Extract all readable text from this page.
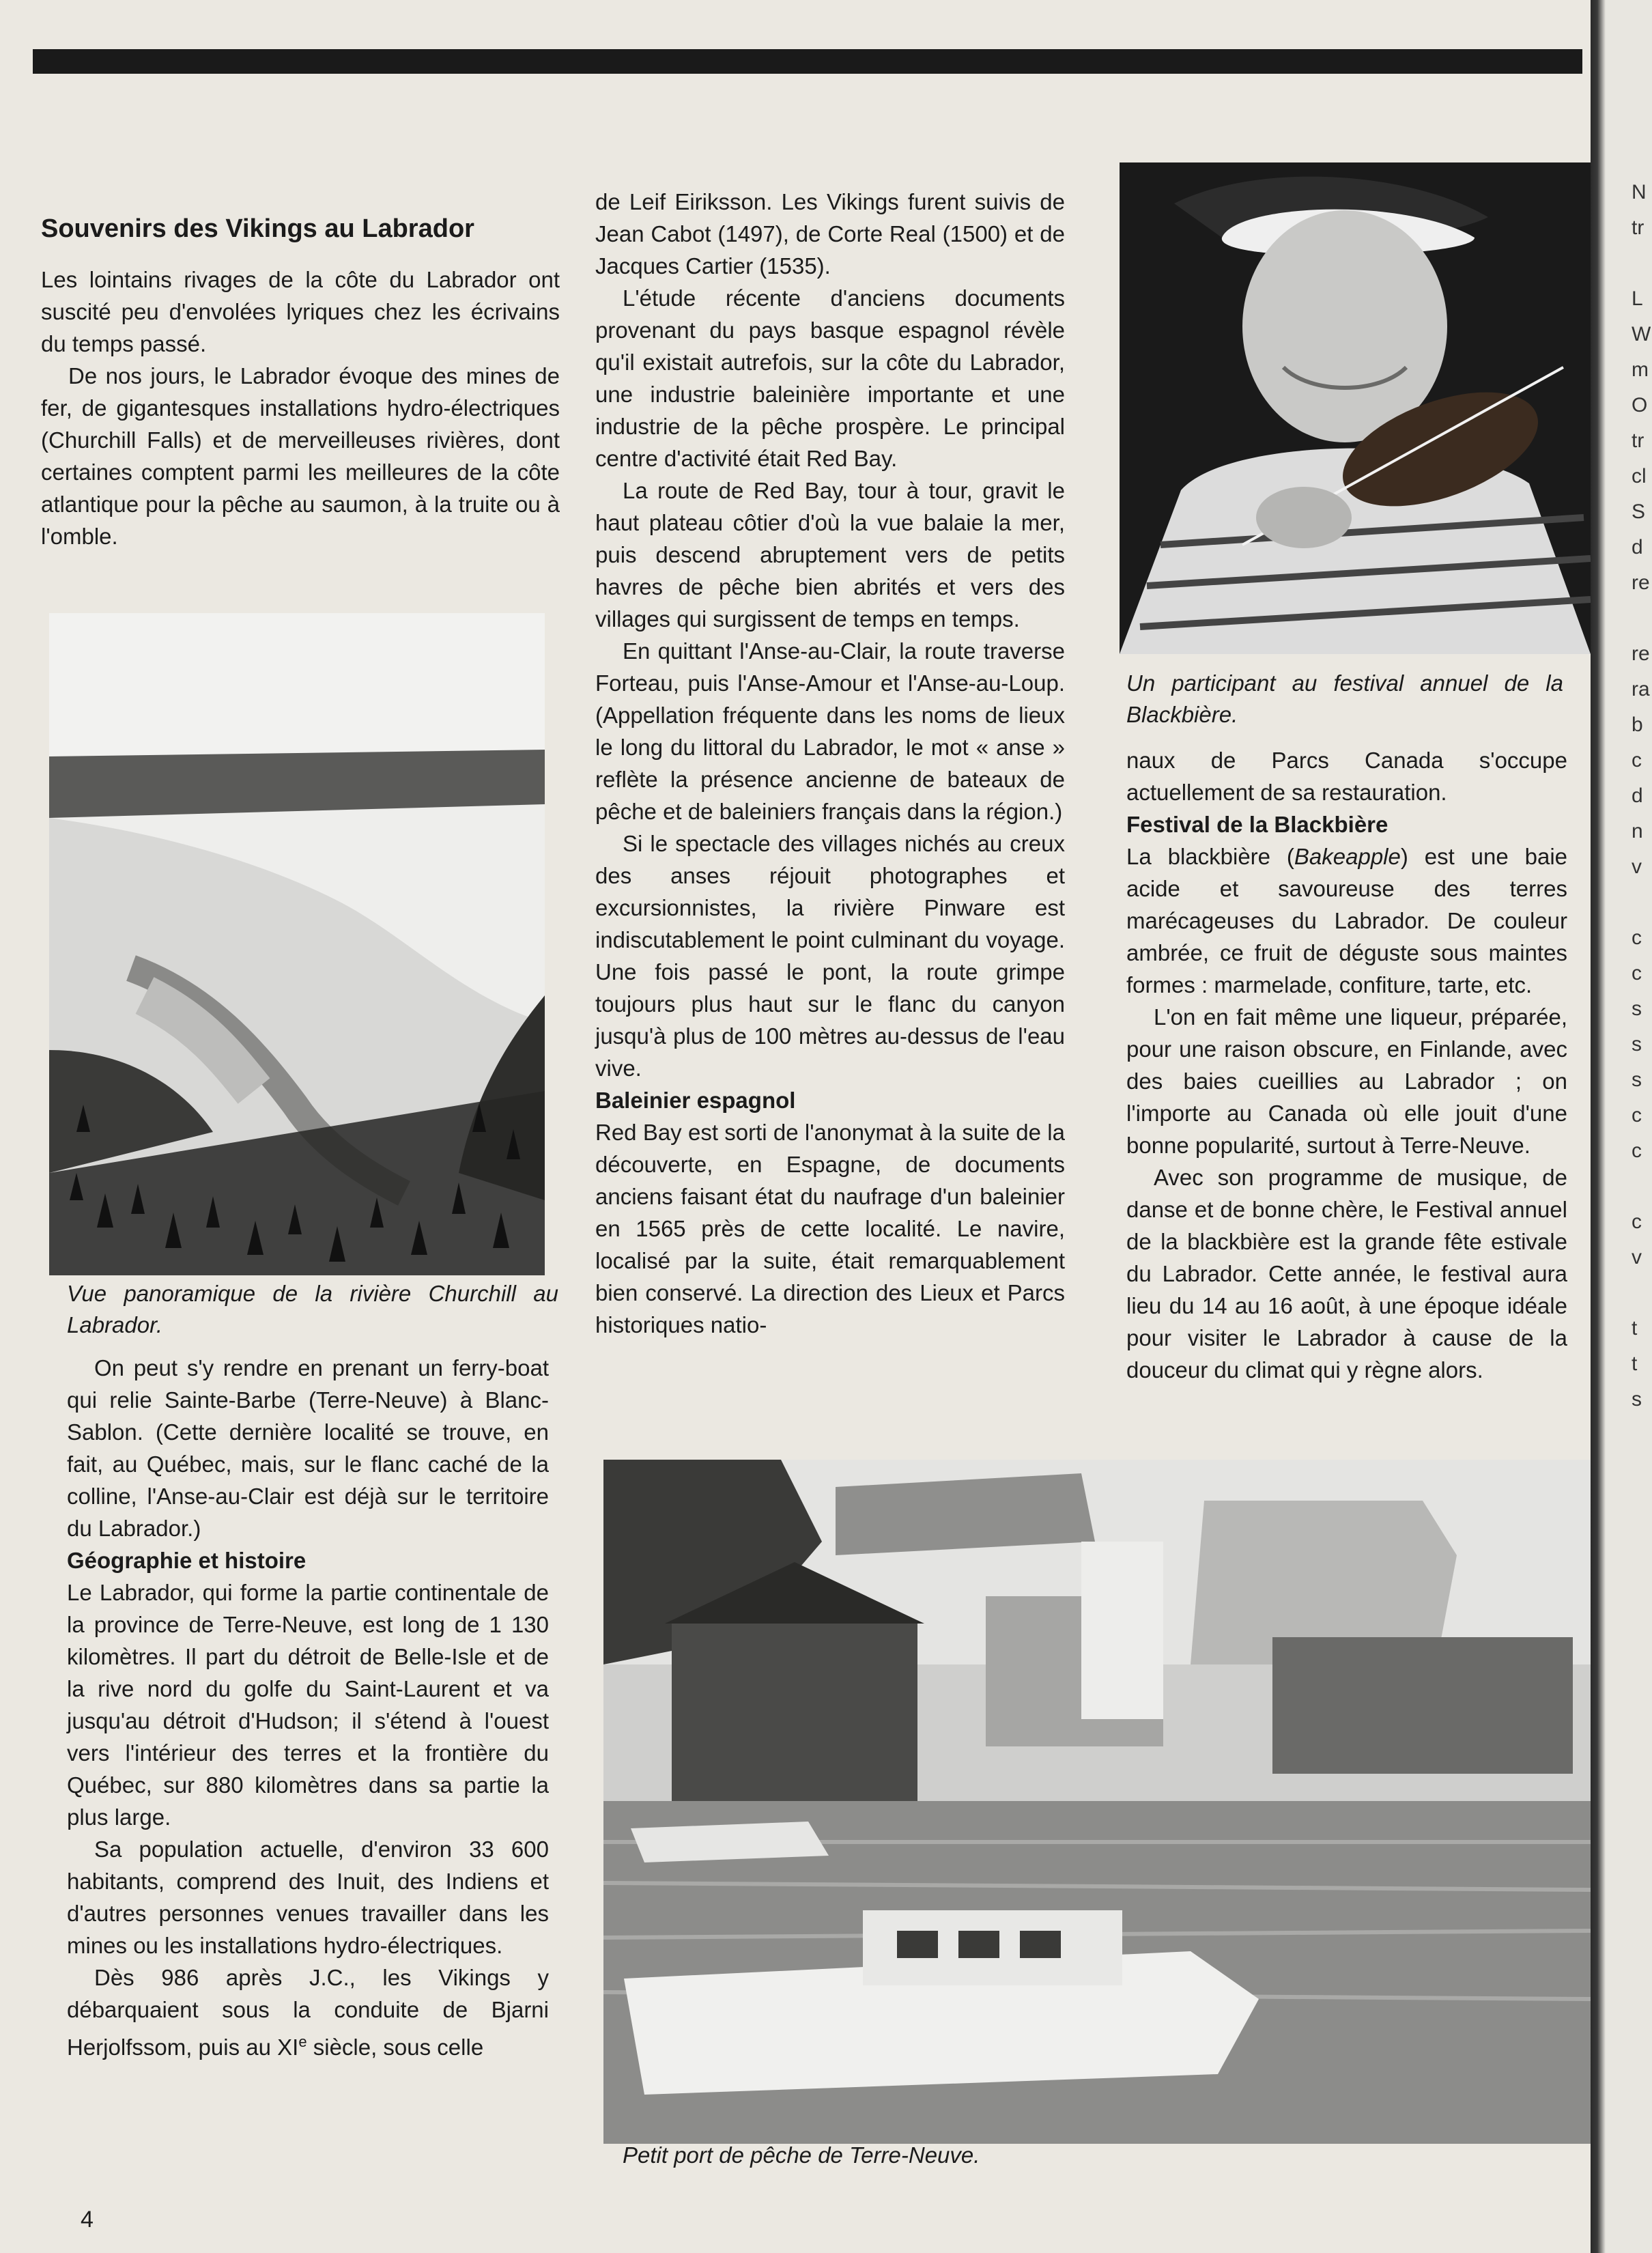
Souvenirs des Vikings au Labrador

Les lointains rivages de la côte du Labrador ont suscité peu d'envolées lyriques chez les écrivains du temps passé.

De nos jours, le Labrador évoque des mines de fer, de gigantesques installations hydro-électriques (Churchill Falls) et de merveilleuses rivières, dont certaines comptent parmi les meilleures de la côte atlantique pour la pêche au saumon, à la truite ou à l'omble.

Vue panoramique de la rivière Churchill au Labrador.

On peut s'y rendre en prenant un ferry-boat qui relie Sainte-Barbe (Terre-Neuve) à Blanc-Sablon. (Cette dernière localité se trouve, en fait, au Québec, mais, sur le flanc caché de la colline, l'Anse-au-Clair est déjà sur le territoire du Labrador.)

Géographie et histoire

Le Labrador, qui forme la partie continentale de la province de Terre-Neuve, est long de 1 130 kilomètres. Il part du détroit de Belle-Isle et de la rive nord du golfe du Saint-Laurent et va jusqu'au détroit d'Hudson; il s'étend à l'ouest vers l'intérieur des terres et la frontière du Québec, sur 880 kilomètres dans sa partie la plus large.

Sa population actuelle, d'environ 33 600 habitants, comprend des Inuit, des Indiens et d'autres personnes venues travailler dans les mines ou les installations hydro-électriques.

Dès 986 après J.C., les Vikings y débarquaient sous la conduite de Bjarni Herjolfssom, puis au XIe siècle, sous celle

de Leif Eiriksson. Les Vikings furent suivis de Jean Cabot (1497), de Corte Real (1500) et de Jacques Cartier (1535).

L'étude récente d'anciens documents provenant du pays basque espagnol révèle qu'il existait autrefois, sur la côte du Labrador, une industrie baleinière importante et une industrie de la pêche prospère. Le principal centre d'activité était Red Bay.

La route de Red Bay, tour à tour, gravit le haut plateau côtier d'où la vue balaie la mer, puis descend abruptement vers de petits havres de pêche bien abrités et vers des villages qui surgissent de temps en temps.

En quittant l'Anse-au-Clair, la route traverse Forteau, puis l'Anse-Amour et l'Anse-au-Loup. (Appellation fréquente dans les noms de lieux le long du littoral du Labrador, le mot « anse » reflète la présence ancienne de bateaux de pêche et de baleiniers français dans la région.)

Si le spectacle des villages nichés au creux des anses réjouit photographes et excursionnistes, la rivière Pinware est indiscutablement le point culminant du voyage. Une fois passé le pont, la route grimpe toujours plus haut sur le flanc du canyon jusqu'à plus de 100 mètres au-dessus de l'eau vive.

Baleinier espagnol

Red Bay est sorti de l'anonymat à la suite de la découverte, en Espagne, de documents anciens faisant état du naufrage d'un baleinier en 1565 près de cette localité. Le navire, localisé par la suite, était remarquablement bien conservé. La direction des Lieux et Parcs historiques natio-

Un participant au festival annuel de la Blackbière.

naux de Parcs Canada s'occupe actuellement de sa restauration.

Festival de la Blackbière

La blackbière (Bakeapple) est une baie acide et savoureuse des terres marécageuses du Labrador. De couleur ambrée, ce fruit de déguste sous maintes formes : marmelade, confiture, tarte, etc.

L'on en fait même une liqueur, préparée, pour une raison obscure, en Finlande, avec des baies cueillies au Labrador ; on l'importe au Canada où elle jouit d'une bonne popularité, surtout à Terre-Neuve.

Avec son programme de musique, de danse et de bonne chère, le Festival annuel de la blackbière est la grande fête estivale du Labrador. Cette année, le festival aura lieu du 14 au 16 août, à une époque idéale pour visiter le Labrador à cause de la douceur du climat qui y règne alors.

Petit port de pêche de Terre-Neuve.

4
N
tr

L
W
m
O
tr
cl
S
d
re

re
ra
b
c
d
n
v

c
c
s
s
s
c
c

c
v

t
t
s
